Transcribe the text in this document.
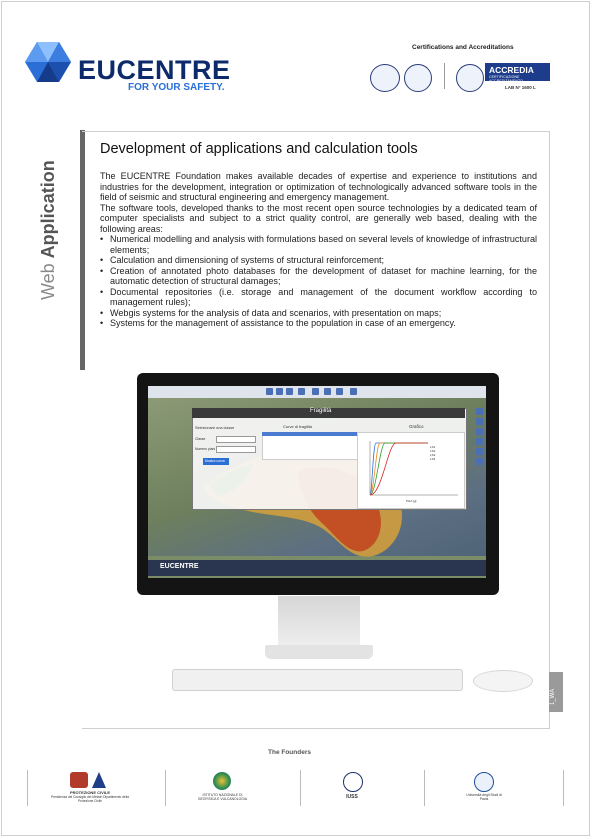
EUCENTRE
FOR YOUR SAFETY.
Certifications and Accreditations
ACCREDIA
CERTIFICAZIONE ACCREDITAMENTO
LAB N° 1600 L
Web Application
Development of applications and calculation tools

The EUCENTRE Foundation makes available decades of expertise and experience to institutions and industries for the development, integration or optimization of technologically advanced software tools in the field of seismic and structural engineering and emergency management.

The software tools, developed thanks to the most recent open source technologies by a dedicated team of computer specialists and subject to a strict quality control, are generally web based, dealing with the following areas:

• Numerical modelling and analysis with formulations based on several levels of knowledge of infrastructural elements;
• Calculation and dimensioning of systems of structural reinforcement;
• Creation of annotated photo databases for the development of dataset for machine learning, for the automatic detection of structural damages;
• Documental repositories (i.e. storage and management of the document workflow according to management rules);
• Webgis systems for the analysis of data and scenarios, with presentation on maps;
• Systems for the management of assistance to the population in case of an emergency.
1_WA
Fragilità
Selezionare una classe
Classe
Numero piani
Mostra curva
Curve di fragilità	Grafico
LS1
LS2
LS3
LS4
PGA [g]
EUCENTRE
The Founders
PROTEZIONE CIVILE
Presidenza del Consiglio dei Ministri Dipartimento della Protezione Civile
ISTITUTO NAZIONALE DI GEOFISICA E VULCANOLOGIA	IUSS	Università degli Studi di Pavia
